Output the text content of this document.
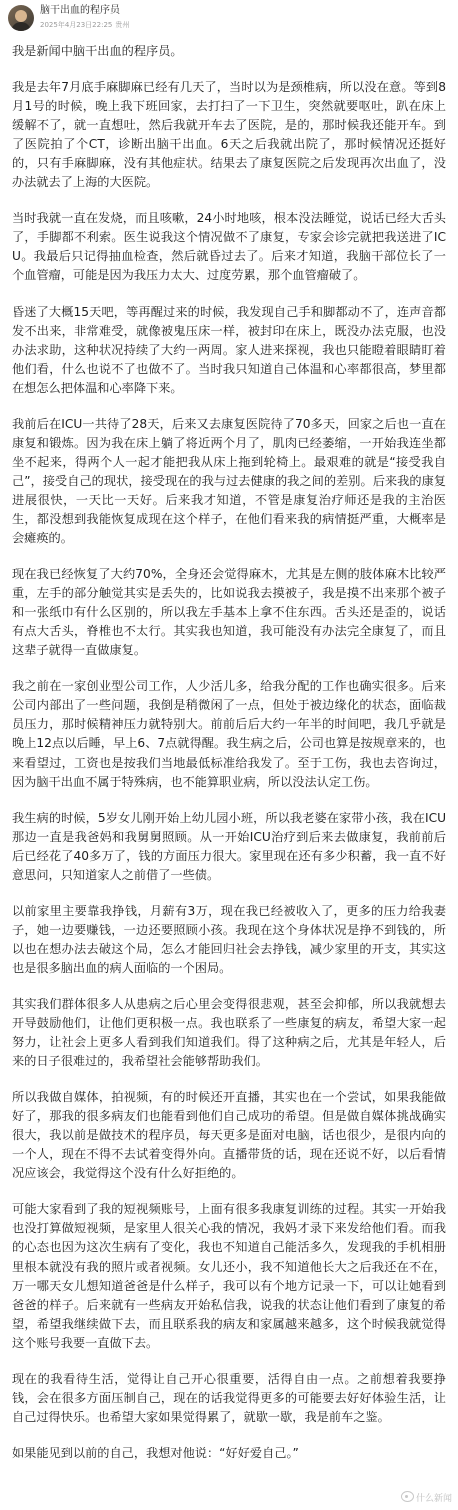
脑干出血的程序员
2025年4月23日22:25 贵州

我是新闻中脑干出血的程序员。

我是去年7月底手麻脚麻已经有几天了，当时以为是颈椎病，所以没在意。等到8月1号的时候，晚上我下班回家，去打扫了一下卫生，突然就要呕吐，趴在床上缓解不了，就一直想吐，然后我就开车去了医院，是的，那时候我还能开车。到了医院拍了个CT，诊断出脑干出血。6天之后我就出院了，那时候情况还挺好的，只有手麻脚麻，没有其他症状。结果去了康复医院之后发现再次出血了，没办法就去了上海的大医院。

当时我就一直在发烧，而且咳嗽，24小时地咳，根本没法睡觉，说话已经大舌头了，手脚都不利索。医生说我这个情况做不了康复，专家会诊完就把我送进了ICU。我最后只记得抽血检查，然后就昏过去了。后来才知道，我脑干部位长了一个血管瘤，可能是因为我压力太大、过度劳累，那个血管瘤破了。

昏迷了大概15天吧，等再醒过来的时候，我发现自己手和脚都动不了，连声音都发不出来，非常难受，就像被鬼压床一样，被封印在床上，既没办法克服，也没办法求助，这种状况持续了大约一两周。家人进来探视，我也只能瞪着眼睛盯着他们看，什么也说不了也做不了。当时我只知道自己体温和心率都很高，梦里都在想怎么把体温和心率降下来。

我前后在ICU一共待了28天，后来又去康复医院待了70多天，回家之后也一直在康复和锻炼。因为我在床上躺了将近两个月了，肌肉已经萎缩，一开始我连坐都坐不起来，得两个人一起才能把我从床上拖到轮椅上。最艰难的就是“接受我自己”，接受自己的现状，接受现在的我与过去健康的我之间的差别。后来我的康复进展很快，一天比一天好。后来我才知道，不管是康复治疗师还是我的主治医生，都没想到我能恢复成现在这个样子，在他们看来我的病情挺严重，大概率是会瘫痪的。

现在我已经恢复了大约70%，全身还会觉得麻木，尤其是左侧的肢体麻木比较严重，左手的部分触觉其实是丢失的，比如说我去摸被子，我是摸不出来那个被子和一张纸巾有什么区别的，所以我左手基本上拿不住东西。舌头还是歪的，说话有点大舌头，脊椎也不太行。其实我也知道，我可能没有办法完全康复了，而且这辈子就得一直做康复。

我之前在一家创业型公司工作，人少活儿多，给我分配的工作也确实很多。后来公司内部出了一些问题，我倒是稍微闲了一点，但处于被边缘化的状态，面临裁员压力，那时候精神压力就特别大。前前后后大约一年半的时间吧，我几乎就是晚上12点以后睡，早上6、7点就得醒。我生病之后，公司也算是按规章来的，也来看望过，工资也是按我们当地最低标准给我发了。至于工伤，我也去咨询过，因为脑干出血不属于特殊病，也不能算职业病，所以没法认定工伤。

我生病的时候，5岁女儿刚开始上幼儿园小班，所以我老婆在家带小孩，我在ICU那边一直是我爸妈和我舅舅照顾。从一开始ICU治疗到后来去做康复，我前前后后已经花了40多万了，钱的方面压力很大。家里现在还有多少积蓄，我一直不好意思问，只知道家人之前借了一些债。

以前家里主要靠我挣钱，月薪有3万，现在我已经被收入了，更多的压力给我妻子，她一边要赚钱，一边还要照顾小孩。我现在这个身体状况是挣不到钱的，所以也在想办法去破这个局，怎么才能回归社会去挣钱，减少家里的开支，其实这也是很多脑出血的病人面临的一个困局。

其实我们群体很多人从患病之后心里会变得很悲观，甚至会抑郁，所以我就想去开导鼓励他们，让他们更积极一点。我也联系了一些康复的病友，希望大家一起努力，让社会上更多人看到我们知道我们。得了这种病之后，尤其是年轻人，后来的日子很难过的，我希望社会能够帮助我们。

所以我做自媒体，拍视频，有的时候还开直播，其实也在一个尝试，如果我能做好了，那我的很多病友们也能看到他们自己成功的希望。但是做自媒体挑战确实很大，我以前是做技术的程序员，每天更多是面对电脑，话也很少，是很内向的一个人，现在不得不去试着变得外向。直播带货的话，现在还说不好，以后看情况应该会，我觉得这个没有什么好拒绝的。

可能大家看到了我的短视频账号，上面有很多我康复训练的过程。其实一开始我也没打算做短视频，是家里人很关心我的情况，我妈才录下来发给他们看。而我的心态也因为这次生病有了变化，我也不知道自己能活多久，发现我的手机相册里根本就没有我的照片或者视频。女儿还小，我不知道他长大之后我还在不在，万一哪天女儿想知道爸爸是什么样子，我可以有个地方记录一下，可以让她看到爸爸的样子。后来就有一些病友开始私信我，说我的状态让他们看到了康复的希望，希望我继续做下去，而且联系我的病友和家属越来越多，这个时候我就觉得这个账号我要一直做下去。

现在的我看待生活，觉得让自己开心很重要，活得自由一点。之前想着我要挣钱，会在很多方面压制自己，现在的话我觉得更多的可能要去好好体验生活，让自己过得快乐。也希望大家如果觉得累了，就歇一歇，我是前车之鉴。

如果能见到以前的自己，我想对他说：“好好爱自己。”

什么新闻
